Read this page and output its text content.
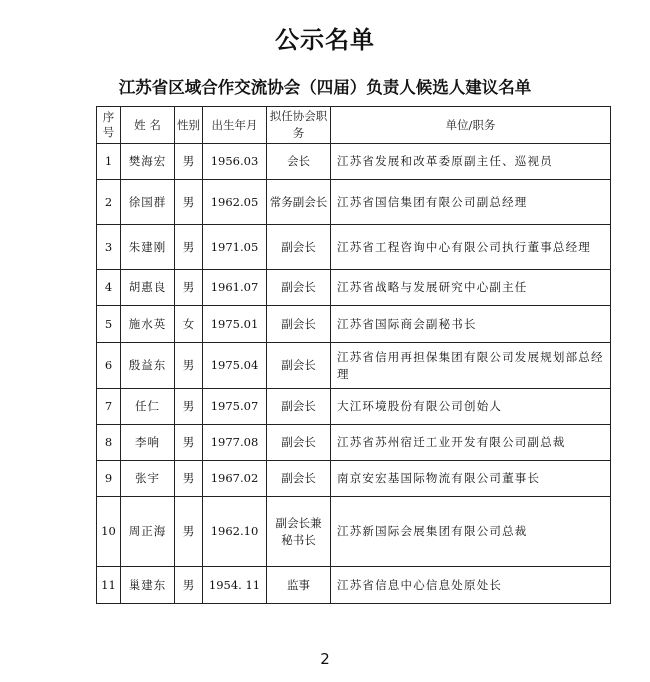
公示名单
江苏省区域合作交流协会（四届）负责人候选人建议名单
序号	姓 名	性别	出生年月	拟任协会职务	单位/职务
1	樊海宏	男	1956.03	会长	江苏省发展和改革委原副主任、巡视员
2	徐国群	男	1962.05	常务副会长	江苏省国信集团有限公司副总经理
3	朱建刚	男	1971.05	副会长	江苏省工程咨询中心有限公司执行董事总经理
4	胡惠良	男	1961.07	副会长	江苏省战略与发展研究中心副主任
5	施水英	女	1975.01	副会长	江苏省国际商会副秘书长
6	殷益东	男	1975.04	副会长	江苏省信用再担保集团有限公司发展规划部总经理
7	任仁	男	1975.07	副会长	大江环境股份有限公司创始人
8	李响	男	1977.08	副会长	江苏省苏州宿迁工业开发有限公司副总裁
9	张宇	男	1967.02	副会长	南京安宏基国际物流有限公司董事长
10	周正海	男	1962.10	副会长兼秘书长	江苏新国际会展集团有限公司总裁
11	巢建东	男	1954. 11	监事	江苏省信息中心信息处原处长
2
